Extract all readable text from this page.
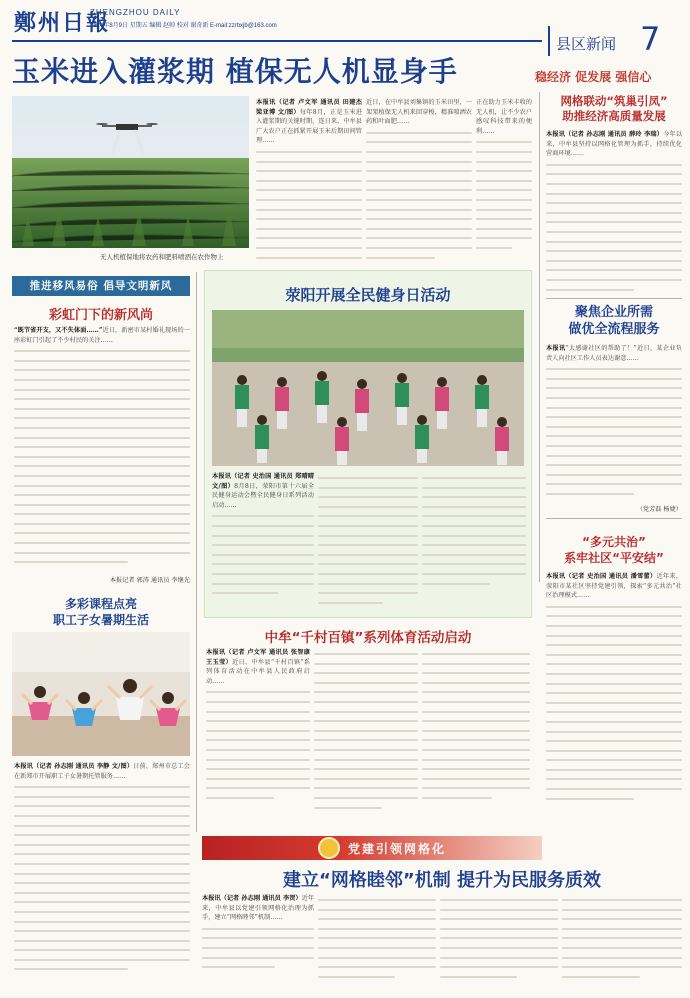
鄭州日報
ZHENGZHOU DAILY
2024年8月9日 星期五 编辑 赵帅 校对 谢奇新 E-mail:zzrbxjb@163.com
县区新闻 7
稳经济 促发展 强信心
玉米进入灌浆期 植保无人机显身手
无人机植保地将农药和肥料喷洒在农作物上
本报讯（记者 卢文军 通讯员 田建杰 梁亚博 文/图）每年8月，正是玉米进入灌浆期的关键时期，连日来，中牟县广大农户正在抓紧开展玉米后期田间管理……
近日，在中牟县刘集镇的玉米田里，一架架植保无人机来回穿梭，精准喷洒农药和叶面肥……
正在助力玉米丰收的无人机，让不少农户感叹科技带来的便利……
网格联动“筑巢引凤”
助推经济高质量发展
本报讯（记者 孙志刚 通讯员 薛玲 李瑞）今年以来，中牟县坚持以网格化管理为抓手，持续优化营商环境……
聚焦企业所需
做优全流程服务
本报讯“太感谢社区的帮助了！”近日，某企业负责人向社区工作人员表达谢意……
（党芳磊 杨婕）
“多元共治”
系牢社区“平安结”
本报讯（记者 史治国 通讯员 潘雪蕾）近年来，荥阳市某社区坚持党建引领，探索“多元共治”社区治理模式……
推进移风易俗 倡导文明新风
彩虹门下的新风尚
“既节省开支，又不失体面……”近日，新密市某村婚礼现场的一座彩虹门引起了不少村民的关注……
本报记者 郭涛 通讯员 李继光
荥阳开展全民健身日活动
本报讯（记者 史治国 通讯员 郑晴晴 文/图）8月8日，荥阳市第十六届全民健身运动会暨全民健身日系列活动启动……
中牟“千村百镇”系列体育活动启动
本报讯（记者 卢文军 通讯员 张智康 王玉莹）近日，中牟县“千村百镇”系列体育活动在中牟县人民政府启动……
多彩课程点亮
职工子女暑期生活
本报讯（记者 孙志刚 通讯员 李静 文/图）日前，郑州市总工会在新郑市开展职工子女暑期托管服务……
党建引领网格化
建立“网格睦邻”机制 提升为民服务质效
本报讯（记者 孙志刚 通讯员 李贺）近年来，中牟县以党建引领网格化治理为抓手，建立“网格睦邻”机制……
